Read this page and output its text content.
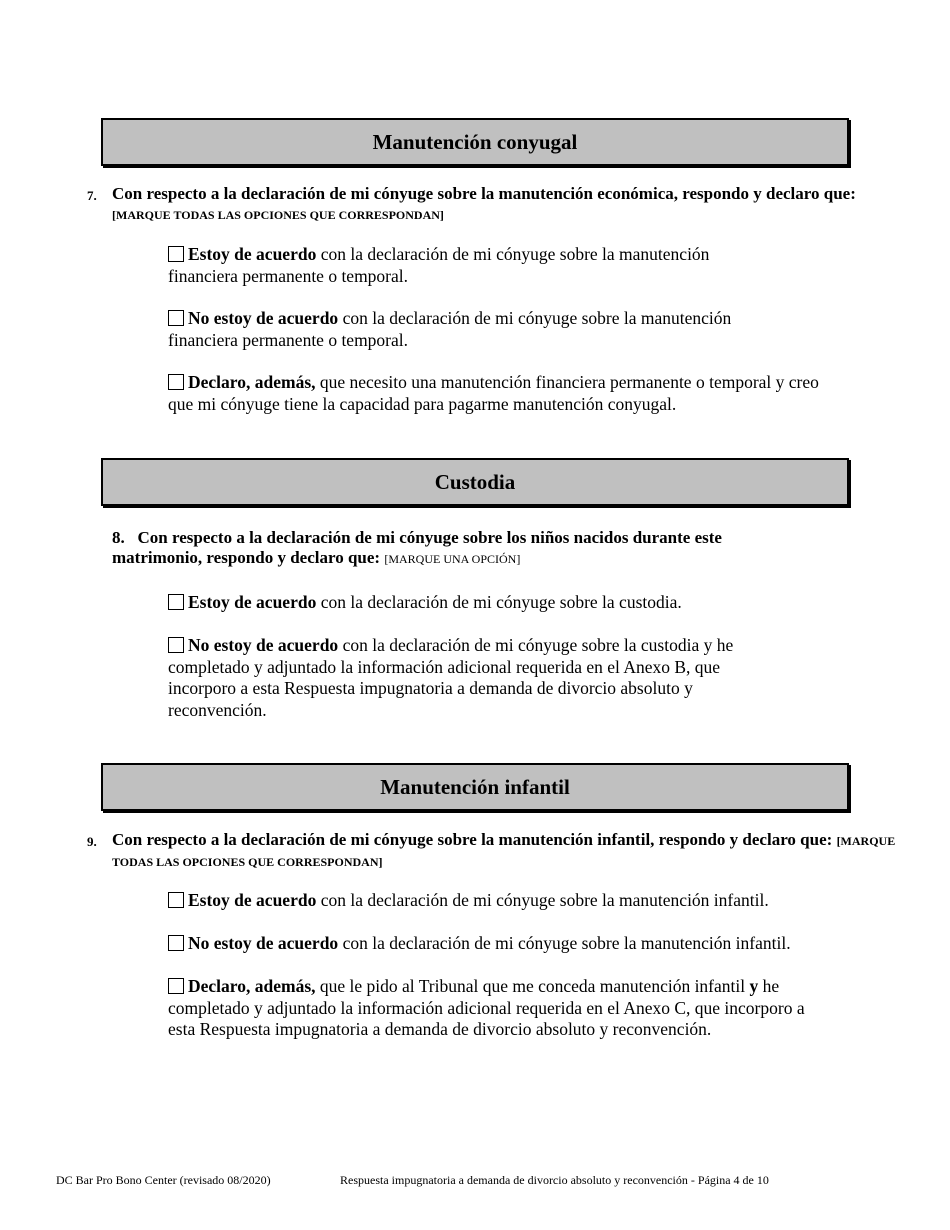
Manutención conyugal
7. Con respecto a la declaración de mi cónyuge sobre la manutención económica, respondo y declaro que: [MARQUE TODAS LAS OPCIONES QUE CORRESPONDAN]
Estoy de acuerdo con la declaración de mi cónyuge sobre la manutención financiera permanente o temporal.
No estoy de acuerdo con la declaración de mi cónyuge sobre la manutención financiera permanente o temporal.
Declaro, además, que necesito una manutención financiera permanente o temporal y creo que mi cónyuge tiene la capacidad para pagarme manutención conyugal.
Custodia
8. Con respecto a la declaración de mi cónyuge sobre los niños nacidos durante este matrimonio, respondo y declaro que: [MARQUE UNA OPCIÓN]
Estoy de acuerdo con la declaración de mi cónyuge sobre la custodia.
No estoy de acuerdo con la declaración de mi cónyuge sobre la custodia y he completado y adjuntado la información adicional requerida en el Anexo B, que incorporo a esta Respuesta impugnatoria a demanda de divorcio absoluto y reconvención.
Manutención infantil
9. Con respecto a la declaración de mi cónyuge sobre la manutención infantil, respondo y declaro que: [MARQUE TODAS LAS OPCIONES QUE CORRESPONDAN]
Estoy de acuerdo con la declaración de mi cónyuge sobre la manutención infantil.
No estoy de acuerdo con la declaración de mi cónyuge sobre la manutención infantil.
Declaro, además, que le pido al Tribunal que me conceda manutención infantil y he completado y adjuntado la información adicional requerida en el Anexo C, que incorporo a esta Respuesta impugnatoria a demanda de divorcio absoluto y reconvención.
DC Bar Pro Bono Center (revisado 08/2020)	Respuesta impugnatoria a demanda de divorcio absoluto y reconvención - Página 4 de 10
